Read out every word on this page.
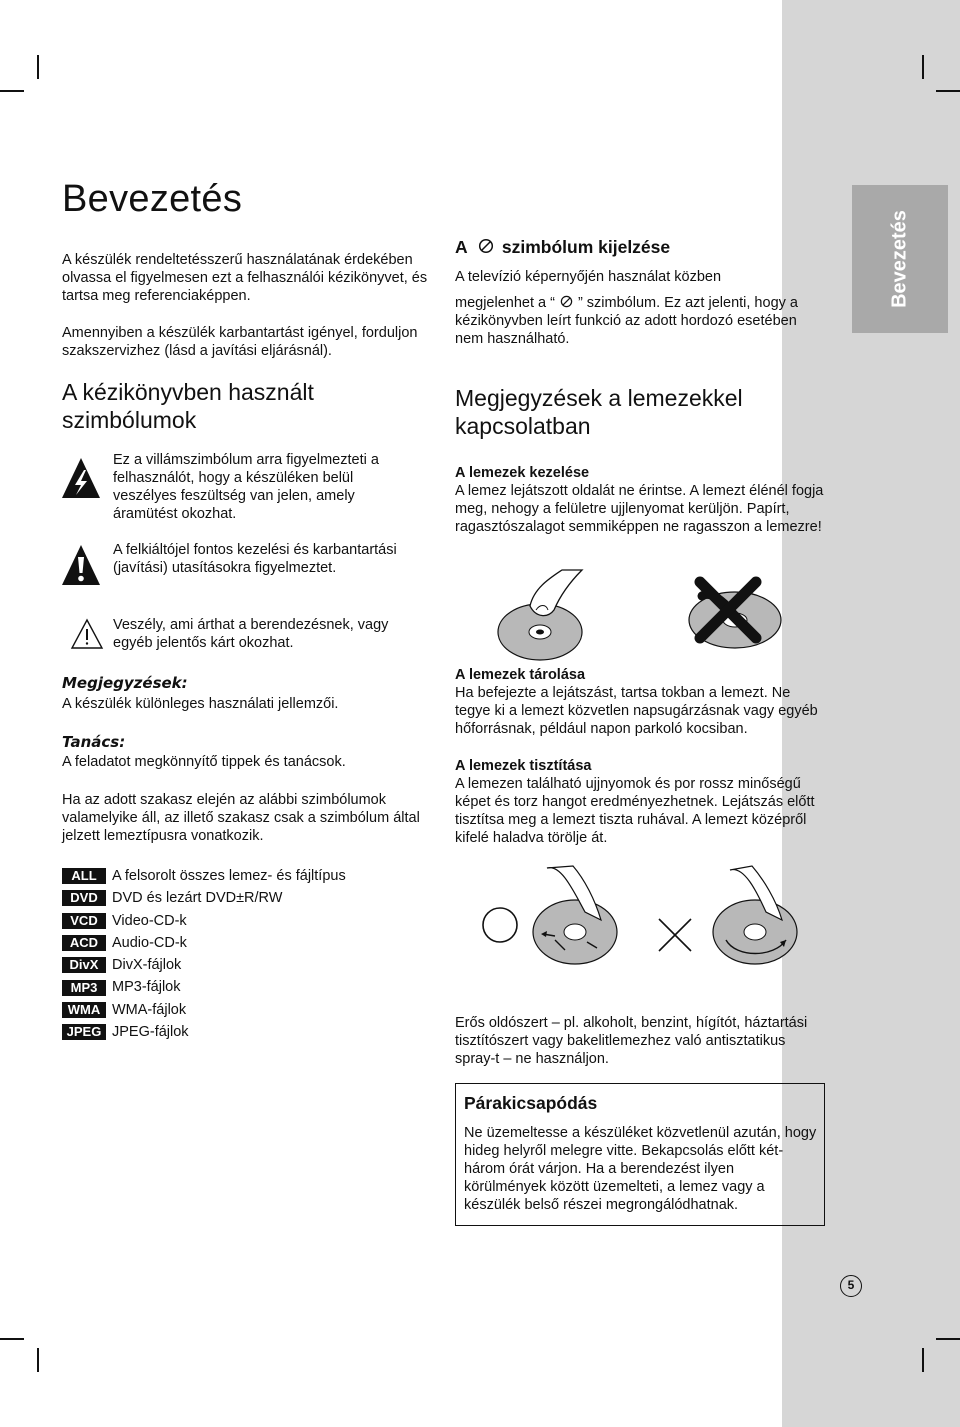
Bevezetés
Bevezetés

A készülék rendeltetésszerű használatának érdekében olvassa el figyelmesen ezt a felhasználói kézikönyvet, és tartsa meg referenciaképpen.

Amennyiben a készülék karbantartást igényel, forduljon szakszervizhez (lásd a javítási eljárásnál).

A kézikönyvben használt szimbólumok

Ez a villámszimbólum arra figyelmezteti a felhasználót, hogy a készüléken belül veszélyes feszültség van jelen, amely áramütést okozhat.

A felkiáltójel fontos kezelési és karbantartási (javítási) utasításokra figyelmeztet.

Veszély, ami árthat a berendezésnek, vagy egyéb jelentős kárt okozhat.

Megjegyzések:

A készülék különleges használati jellemzői.

Tanács:

A feladatot megkönnyítő tippek és tanácsok.

Ha az adott szakasz elején az alábbi szimbólumok valamelyike áll, az illető szakasz csak a szimbólum által jelzett lemeztípusra vonatkozik.

ALL A felsorolt összes lemez- és fájltípus
DVD DVD és lezárt DVD±R/RW
VCD Video-CD-k
ACD Audio-CD-k
DivX DivX-fájlok
MP3 MP3-fájlok
WMA WMA-fájlok
JPEG JPEG-fájlok
A szimbólum kijelzése

A televízió képernyőjén használat közben

megjelenhet a “ ” szimbólum. Ez azt jelenti, hogy a kézikönyvben leírt funkció az adott hordozó esetében nem használható.

Megjegyzések a lemezekkel kapcsolatban
A lemezek kezelése

A lemez lejátszott oldalát ne érintse. A lemezt élénél fogja meg, nehogy a felületre ujjlenyomat kerüljön. Papírt, ragasztószalagot semmiképpen ne ragasszon a lemezre!

A lemezek tárolása

Ha befejezte a lejátszást, tartsa tokban a lemezt. Ne tegye ki a lemezt közvetlen napsugárzásnak vagy egyéb hőforrásnak, például napon parkoló kocsiban.

A lemezek tisztítása

A lemezen található ujjnyomok és por rossz minőségű képet és torz hangot eredményezhetnek. Lejátszás előtt tisztítsa meg a lemezt tiszta ruhával. A lemezt középről kifelé haladva törölje át.

Erős oldószert – pl. alkoholt, benzint, hígítót, háztartási tisztítószert vagy bakelitlemezhez való antisztatikus spray-t – ne használjon.

Párakicsapódás

Ne üzemeltesse a készüléket közvetlenül azután, hogy hideg helyről melegre vitte. Bekapcsolás előtt két-három órát várjon. Ha a berendezést ilyen körülmények között üzemelteti, a lemez vagy a készülék belső részei megrongálódhatnak.

5
